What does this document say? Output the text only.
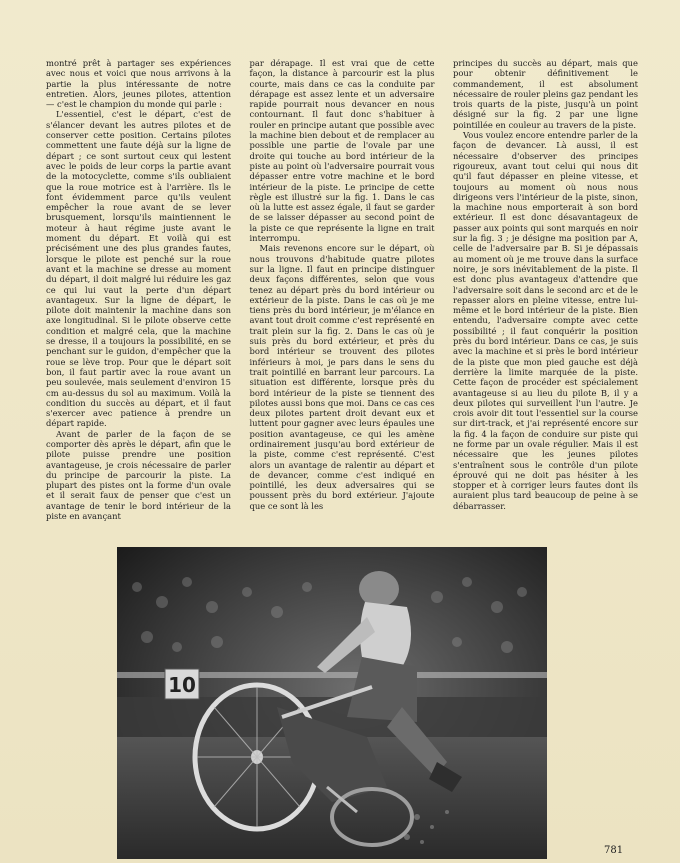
montré prêt à partager ses expériences avec nous et voici que nous arrivons à la partie la plus intéressante de notre entretien. Alors, jeunes pilotes, attention — c'est le champion du monde qui parle :

L'essentiel, c'est le départ, c'est de s'élancer devant les autres pilotes et de conserver cette position. Certains pilotes commettent une faute déjà sur la ligne de départ ; ce sont surtout ceux qui lestent avec le poids de leur corps la partie avant de la motocyclette, comme s'ils oubliaient que la roue motrice est à l'arrière. Ils le font évidemment parce qu'ils veulent empêcher la roue avant de se lever brusquement, lorsqu'ils maintiennent le moteur à haut régime juste avant le moment du départ. Et voilà qui est précisément une des plus grandes fautes, lorsque le pilote est penché sur la roue avant et la machine se dresse au moment du départ, il doit malgré lui réduire les gaz ce qui lui vaut la perte d'un départ avantageux. Sur la ligne de départ, le pilote doit maintenir la machine dans son axe longitudinal. Si le pilote observe cette condition et malgré cela, que la machine se dresse, il a toujours la possibilité, en se penchant sur le guidon, d'empêcher que la roue se lève trop. Pour que le départ soit bon, il faut partir avec la roue avant un peu soulevée, mais seulement d'environ 15 cm au-dessus du sol au maximum. Voilà la condition du succès au départ, et il faut s'exercer avec patience à prendre un départ rapide.

Avant de parler de la façon de se comporter dès après le départ, afin que le pilote puisse prendre une position avantageuse, je crois nécessaire de parler du principe de parcourir la piste. La plupart des pistes ont la forme d'un ovale et il serait faux de penser que c'est un avantage de tenir le bord intérieur de la piste en avançant

par dérapage. Il est vrai que de cette façon, la distance à parcourir est la plus courte, mais dans ce cas la conduite par dérapage est assez lente et un adversaire rapide pourrait nous devancer en nous contournant. Il faut donc s'habituer à rouler en principe autant que possible avec la machine bien debout et de remplacer au possible une partie de l'ovale par une droite qui touche au bord intérieur de la piste au point où l'adversaire pourrait vous dépasser entre votre machine et le bord intérieur de la piste. Le principe de cette règle est illustré sur la fig. 1. Dans le cas où la lutte est assez égale, il faut se garder de se laisser dépasser au second point de la piste ce que représente la ligne en trait interrompu.

Mais revenons encore sur le départ, où nous trouvons d'habitude quatre pilotes sur la ligne. Il faut en principe distinguer deux façons différentes, selon que vous tenez au départ près du bord intérieur ou extérieur de la piste. Dans le cas où je me tiens près du bord intérieur, je m'élance en avant tout droit comme c'est représenté en trait plein sur la fig. 2. Dans le cas où je suis près du bord extérieur, et près du bord intérieur se trouvent des pilotes inférieurs à moi, je pars dans le sens du trait pointillé en barrant leur parcours. La situation est différente, lorsque près du bord intérieur de la piste se tiennent des pilotes aussi bons que moi. Dans ce cas ces deux pilotes partent droit devant eux et luttent pour gagner avec leurs épaules une position avantageuse, ce qui les amène ordinairement jusqu'au bord extérieur de la piste, comme c'est représenté. C'est alors un avantage de ralentir au départ et de devancer, comme c'est indiqué en pointillé, les deux adversaires qui se poussent près du bord extérieur. J'ajoute que ce sont là les

principes du succès au départ, mais que pour obtenir définitivement le commandement, il est absolument nécessaire de rouler pleins gaz pendant les trois quarts de la piste, jusqu'à un point désigné sur la fig. 2 par une ligne pointillée en couleur au travers de la piste.

Vous voulez encore entendre parler de la façon de devancer. Là aussi, il est nécessaire d'observer des principes rigoureux, avant tout celui qui nous dit qu'il faut dépasser en pleine vitesse, et toujours au moment où nous nous dirigeons vers l'intérieur de la piste, sinon, la machine nous emporterait à son bord extérieur. Il est donc désavantageux de passer aux points qui sont marqués en noir sur la fig. 3 ; je désigne ma position par A, celle de l'adversaire par B. Si je dépassais au moment où je me trouve dans la surface noire, je sors inévitablement de la piste. Il est donc plus avantageux d'attendre que l'adversaire soit dans le second arc et de le repasser alors en pleine vitesse, entre lui-même et le bord intérieur de la piste. Bien entendu, l'adversaire compte avec cette possibilité ; il faut conquérir la position près du bord intérieur. Dans ce cas, je suis avec la machine et si près le bord intérieur de la piste que mon pied gauche est déjà derrière la limite marquée de la piste. Cette façon de procéder est spécialement avantageuse si au lieu du pilote B, il y a deux pilotes qui surveillent l'un l'autre. Je crois avoir dit tout l'essentiel sur la course sur dirt-track, et j'ai représenté encore sur la fig. 4 la façon de conduire sur piste qui ne forme par un ovale régulier. Mais il est nécessaire que les jeunes pilotes s'entraînent sous le contrôle d'un pilote éprouvé qui ne doit pas hésiter à les stopper et à corriger leurs fautes dont ils auraient plus tard beaucoup de peine à se débarrasser.

10
781
